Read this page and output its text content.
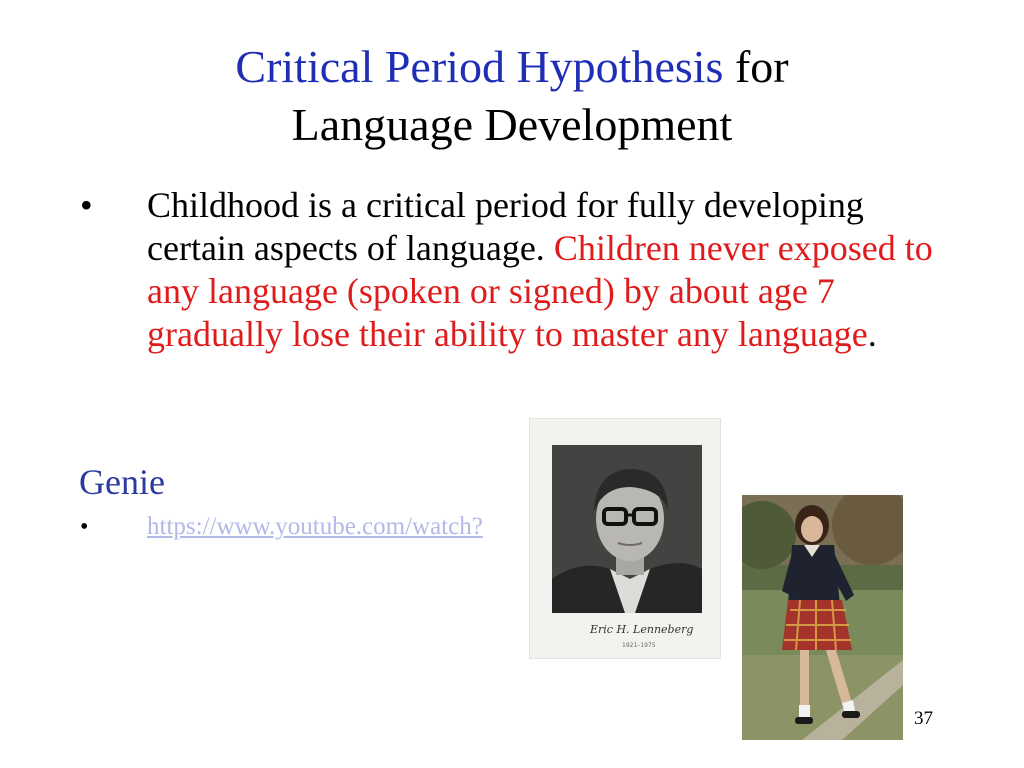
Critical Period Hypothesis for
Language Development
•	Childhood is a critical period for fully developing certain aspects of language. Children never exposed to any language (spoken or signed) by about age 7 gradually lose their ability to master any language.
Genie
• https://www.youtube.com/watch?
Eric H. Lenneberg
1921–1975
37
